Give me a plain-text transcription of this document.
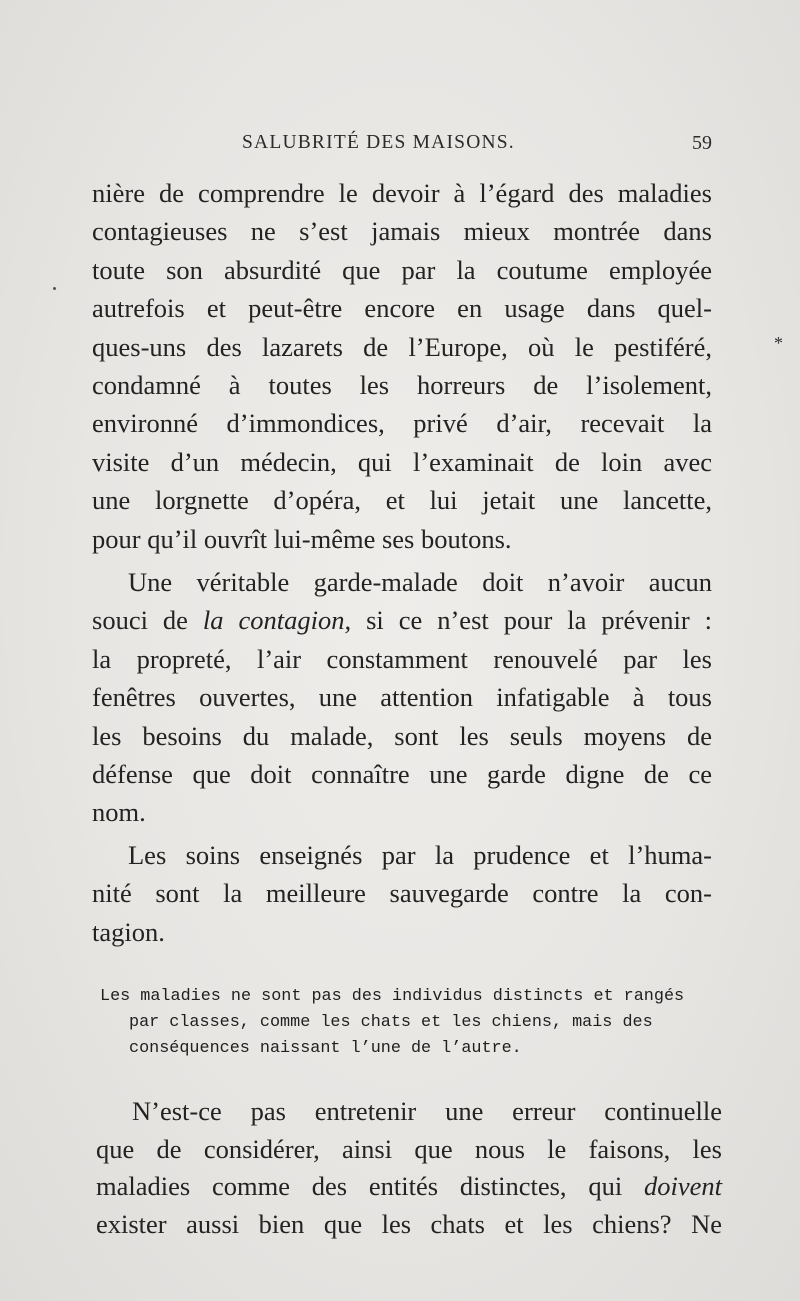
*
SALUBRITÉ DES MAISONS.	59
nière de comprendre le devoir à l’égard des maladies
contagieuses ne s’est jamais mieux montrée dans
toute son absurdité que par la coutume employée
autrefois et peut-être encore en usage dans quel-
ques-uns des lazarets de l’Europe, où le pestiféré,
condamné à toutes les horreurs de l’isolement,
environné d’immondices, privé d’air, recevait la
visite d’un médecin, qui l’examinait de loin avec
une lorgnette d’opéra, et lui jetait une lancette,
pour qu’il ouvrît lui-même ses boutons.
Une véritable garde-malade doit n’avoir aucun
souci de la contagion, si ce n’est pour la prévenir :
la propreté, l’air constamment renouvelé par les
fenêtres ouvertes, une attention infatigable à tous
les besoins du malade, sont les seuls moyens de
défense que doit connaître une garde digne de ce
nom.
Les soins enseignés par la prudence et l’huma-
nité sont la meilleure sauvegarde contre la con-
tagion.
Les maladies ne sont pas des individus distincts et rangés
par classes, comme les chats et les chiens, mais des
conséquences naissant l’une de l’autre.
N’est-ce pas entretenir une erreur continuelle
que de considérer, ainsi que nous le faisons, les
maladies comme des entités distinctes, qui doivent
exister aussi bien que les chats et les chiens? Ne
